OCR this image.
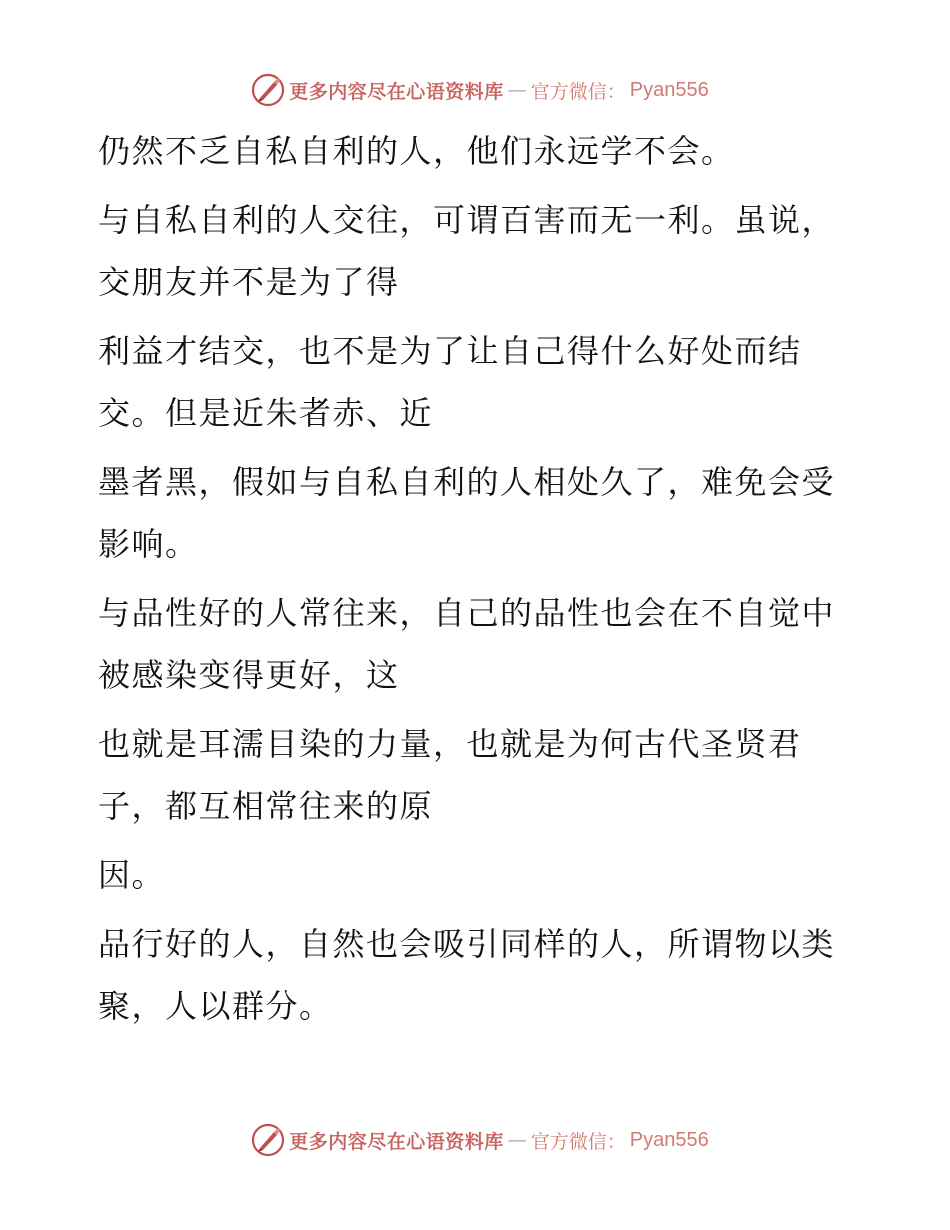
更多内容尽在心语资料库 — 官方微信： Pyan556

仍然不乏自私自利的人，他们永远学不会。

与自私自利的人交往，可谓百害而无一利。虽说，交朋友并不是为了得

利益才结交，也不是为了让自己得什么好处而结交。但是近朱者赤、近

墨者黑，假如与自私自利的人相处久了，难免会受影响。

与品性好的人常往来，自己的品性也会在不自觉中被感染变得更好，这

也就是耳濡目染的力量，也就是为何古代圣贤君子，都互相常往来的原

因。

品行好的人，自然也会吸引同样的人，所谓物以类聚，人以群分。

更多内容尽在心语资料库 — 官方微信： Pyan556
